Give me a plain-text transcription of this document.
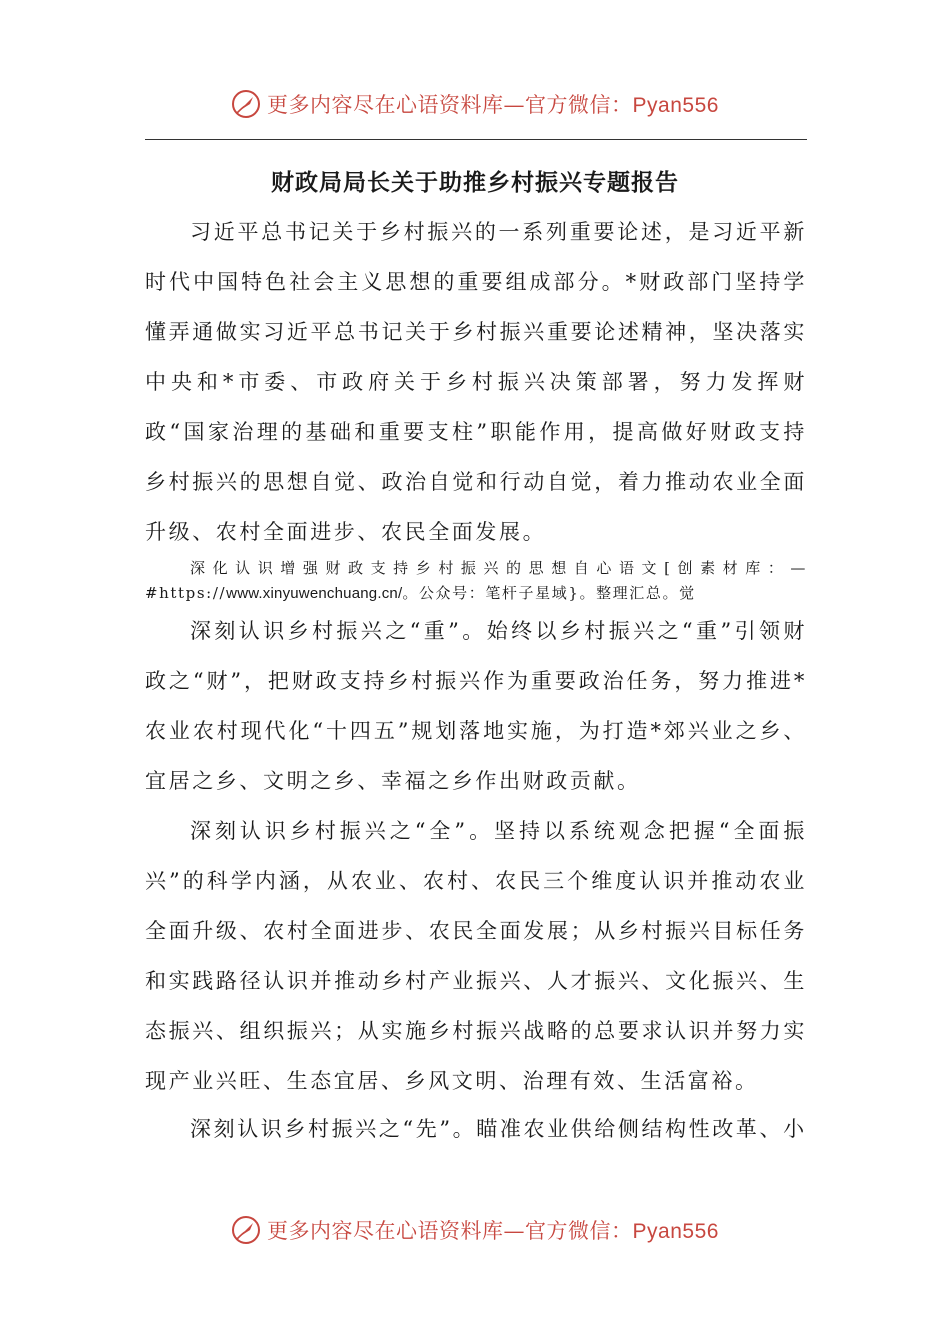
更多内容尽在心语资料库—官方微信：Pyan556
财政局局长关于助推乡村振兴专题报告

习近平总书记关于乡村振兴的一系列重要论述，是习近平新时代中国特色社会主义思想的重要组成部分。*财政部门坚持学懂弄通做实习近平总书记关于乡村振兴重要论述精神，坚决落实中央和*市委、市政府关于乡村振兴决策部署，努力发挥财政“国家治理的基础和重要支柱”职能作用，提高做好财政支持乡村振兴的思想自觉、政治自觉和行动自觉，着力推动农业全面升级、农村全面进步、农民全面发展。

深化认识增强财政支持乡村振兴的思想自心语文[创素材库：—#https://www.xinyuwenchuang.cn/。公众号：笔杆子星域}。整理汇总。觉

深刻认识乡村振兴之“重”。始终以乡村振兴之“重”引领财政之“财”，把财政支持乡村振兴作为重要政治任务，努力推进*农业农村现代化“十四五”规划落地实施，为打造*郊兴业之乡、宜居之乡、文明之乡、幸福之乡作出财政贡献。

深刻认识乡村振兴之“全”。坚持以系统观念把握“全面振兴”的科学内涵，从农业、农村、农民三个维度认识并推动农业全面升级、农村全面进步、农民全面发展；从乡村振兴目标任务和实践路径认识并推动乡村产业振兴、人才振兴、文化振兴、生态振兴、组织振兴；从实施乡村振兴战略的总要求认识并努力实现产业兴旺、生态宜居、乡风文明、治理有效、生活富裕。

深刻认识乡村振兴之“先”。瞄准农业供给侧结构性改革、小

更多内容尽在心语资料库—官方微信：Pyan556
